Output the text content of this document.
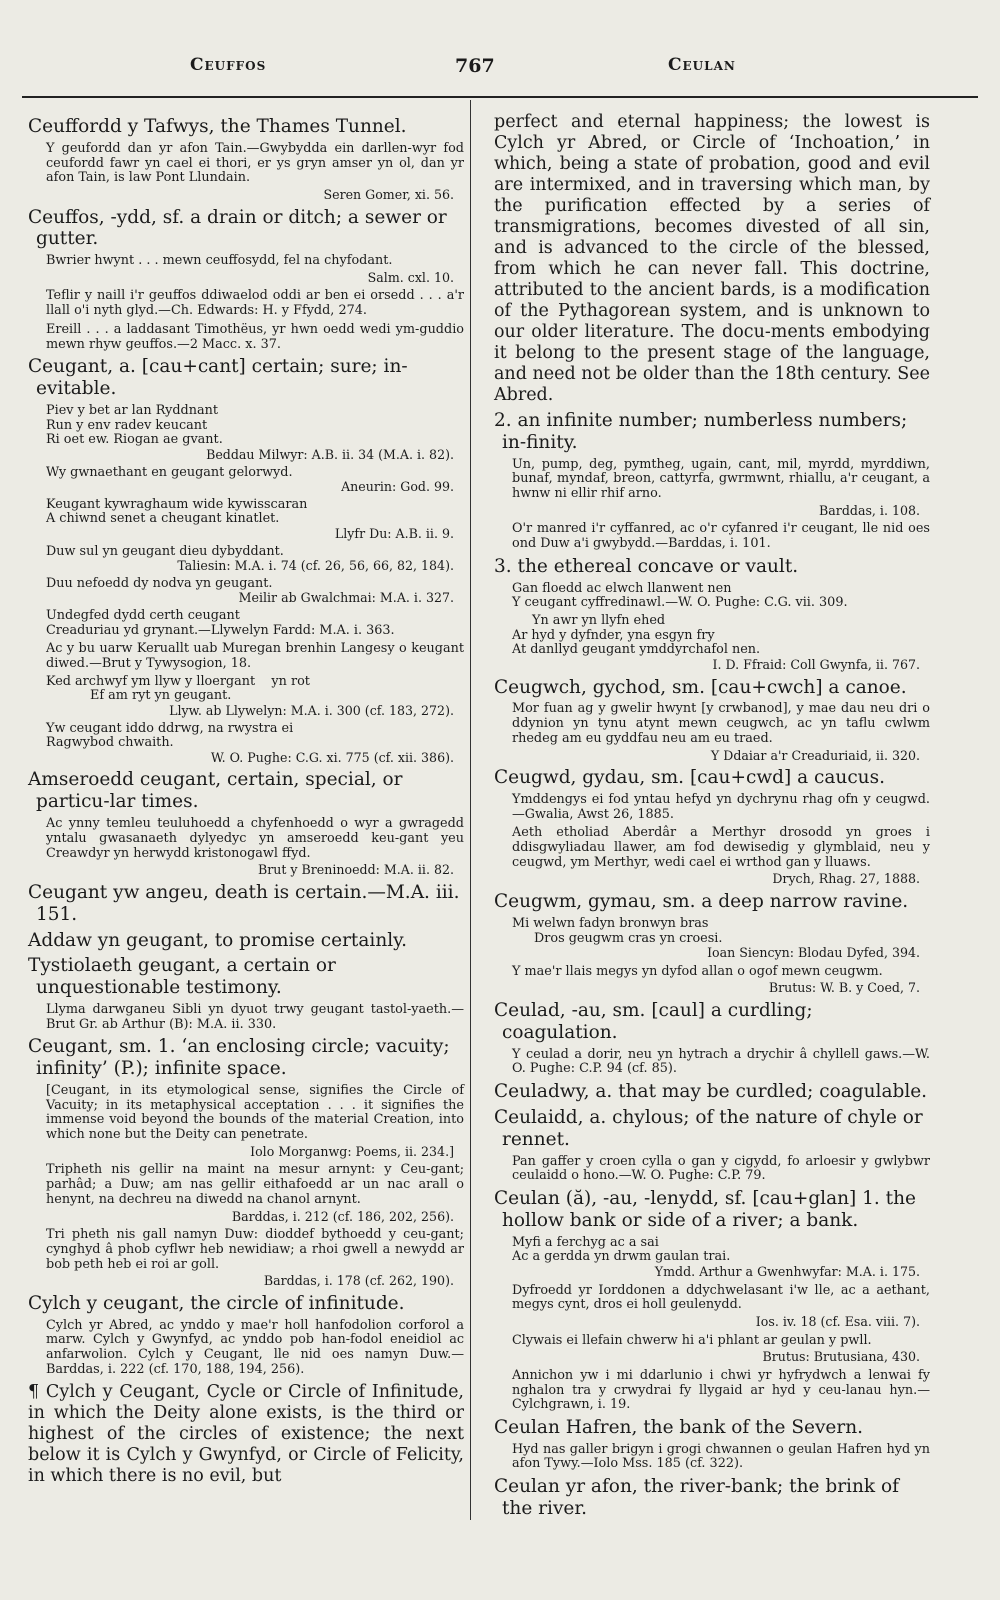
Ceuffos	767	Ceulan
Ceuffordd y Tafwys, the Thames Tunnel.
Y geufordd dan yr afon Tain.—Gwybydda ein darllen-wyr fod ceufordd fawr yn cael ei thori, er ys gryn amser yn ol, dan yr afon Tain, is law Pont Llundain.
Seren Gomer, xi. 56.
Ceuffos, -ydd, sf. a drain or ditch; a sewer or gutter.
Bwrier hwynt . . . mewn ceuffosydd, fel na chyfodant.
Salm. cxl. 10.
Teflir y naill i'r geuffos ddiwaelod oddi ar ben ei orsedd . . . a'r llall o'i nyth glyd.—Ch. Edwards: H. y Ffydd, 274.
Ereill . . . a laddasant Timothëus, yr hwn oedd wedi ym-guddio mewn rhyw geuffos.—2 Macc. x. 37.
Ceugant, a. [cau+cant] certain; sure; in-evitable.
Piev y bet ar lan Ryddnant
Run y env radev keucant
Ri oet ew. Riogan ae gvant.
Beddau Milwyr: A.B. ii. 34 (M.A. i. 82).
Wy gwnaethant en geugant gelorwyd.
Aneurin: God. 99.
Keugant kywraghaum wide kywisscaran
A chiwnd senet a cheugant kinatlet.
Llyfr Du: A.B. ii. 9.
Duw sul yn geugant dieu dybyddant.
Taliesin: M.A. i. 74 (cf. 26, 56, 66, 82, 184).
Duu nefoedd dy nodva yn geugant.
Meilir ab Gwalchmai: M.A. i. 327.
Undegfed dydd certh ceugant
Creaduriau yd grynant.—Llywelyn Fardd: M.A. i. 363.
Ac y bu uarw Keruallt uab Muregan brenhin Langesy o keugant diwed.—Brut y Tywysogion, 18.
Ked archwyf ym llyw y lloergant    yn rot
Ef am ryt yn geugant.
Llyw. ab Llywelyn: M.A. i. 300 (cf. 183, 272).
Yw ceugant iddo ddrwg, na rwystra ei
Ragwybod chwaith.
W. O. Pughe: C.G. xi. 775 (cf. xii. 386).
Amseroedd ceugant, certain, special, or particu-lar times.
Ac ynny temleu teuluhoedd a chyfenhoedd o wyr a gwragedd yntalu gwasanaeth dylyedyc yn amseroedd keu-gant yeu Creawdyr yn herwydd kristonogawl ffyd.
Brut y Breninoedd: M.A. ii. 82.
Ceugant yw angeu, death is certain.—M.A. iii. 151.
Addaw yn geugant, to promise certainly.
Tystiolaeth geugant, a certain or unquestionable testimony.
Llyma darwganeu Sibli yn dyuot trwy geugant tastol-yaeth.—Brut Gr. ab Arthur (B): M.A. ii. 330.
Ceugant, sm. 1. ‘an enclosing circle; vacuity; infinity’ (P.); infinite space.
[Ceugant, in its etymological sense, signifies the Circle of Vacuity; in its metaphysical acceptation . . . it signifies the immense void beyond the bounds of the material Creation, into which none but the Deity can penetrate.
Iolo Morganwg: Poems, ii. 234.]
Tripheth nis gellir na maint na mesur arnynt: y Ceu-gant; parhâd; a Duw; am nas gellir eithafoedd ar un nac arall o henynt, na dechreu na diwedd na chanol arnynt.
Barddas, i. 212 (cf. 186, 202, 256).
Tri pheth nis gall namyn Duw: dioddef bythoedd y ceu-gant; cynghyd â phob cyflwr heb newidiaw; a rhoi gwell a newydd ar bob peth heb ei roi ar goll.
Barddas, i. 178 (cf. 262, 190).
Cylch y ceugant, the circle of infinitude.
Cylch yr Abred, ac ynddo y mae'r holl hanfodolion corforol a marw. Cylch y Gwynfyd, ac ynddo pob han-fodol eneidiol ac anfarwolion. Cylch y Ceugant, lle nid oes namyn Duw.—Barddas, i. 222 (cf. 170, 188, 194, 256).
¶ Cylch y Ceugant, Cycle or Circle of Infinitude, in which the Deity alone exists, is the third or highest of the circles of existence; the next below it is Cylch y Gwynfyd, or Circle of Felicity, in which there is no evil, but
perfect and eternal happiness; the lowest is Cylch yr Abred, or Circle of ‘Inchoation,’ in which, being a state of probation, good and evil are intermixed, and in traversing which man, by the purification effected by a series of transmigrations, becomes divested of all sin, and is advanced to the circle of the blessed, from which he can never fall. This doctrine, attributed to the ancient bards, is a modification of the Pythagorean system, and is unknown to our older literature. The docu-ments embodying it belong to the present stage of the language, and need not be older than the 18th century. See Abred.
2. an infinite number; numberless numbers; in-finity.
Un, pump, deg, pymtheg, ugain, cant, mil, myrdd, myrddiwn, bunaf, myndaf, breon, cattyrfa, gwrmwnt, rhiallu, a'r ceugant, a hwnw ni ellir rhif arno.
Barddas, i. 108.
O'r manred i'r cyffanred, ac o'r cyfanred i'r ceugant, lle nid oes ond Duw a'i gwybydd.—Barddas, i. 101.
3. the ethereal concave or vault.
Gan floedd ac elwch llanwent nen
Y ceugant cyffredinawl.—W. O. Pughe: C.G. vii. 309.
Yn awr yn llyfn ehed
Ar hyd y dyfnder, yna esgyn fry
At danllyd geugant ymddyrchafol nen.
I. D. Ffraid: Coll Gwynfa, ii. 767.
Ceugwch, gychod, sm. [cau+cwch] a canoe.
Mor fuan ag y gwelir hwynt [y crwbanod], y mae dau neu dri o ddynion yn tynu atynt mewn ceugwch, ac yn taflu cwlwm rhedeg am eu gyddfau neu am eu traed.
Y Ddaiar a'r Creaduriaid, ii. 320.
Ceugwd, gydau, sm. [cau+cwd] a caucus.
Ymddengys ei fod yntau hefyd yn dychrynu rhag ofn y ceugwd.—Gwalia, Awst 26, 1885.
Aeth etholiad Aberdâr a Merthyr drosodd yn groes i ddisgwyliadau llawer, am fod dewisedig y glymblaid, neu y ceugwd, ym Merthyr, wedi cael ei wrthod gan y lluaws.
Drych, Rhag. 27, 1888.
Ceugwm, gymau, sm. a deep narrow ravine.
Mi welwn fadyn bronwyn bras
Dros geugwm cras yn croesi.
Ioan Siencyn: Blodau Dyfed, 394.
Y mae'r llais megys yn dyfod allan o ogof mewn ceugwm.
Brutus: W. B. y Coed, 7.
Ceulad, -au, sm. [caul] a curdling; coagulation.
Y ceulad a dorir, neu yn hytrach a drychir â chyllell gaws.—W. O. Pughe: C.P. 94 (cf. 85).
Ceuladwy, a. that may be curdled; coagulable.
Ceulaidd, a. chylous; of the nature of chyle or rennet.
Pan gaffer y croen cylla o gan y cigydd, fo arloesir y gwlybwr ceulaidd o hono.—W. O. Pughe: C.P. 79.
Ceulan (ă), -au, -lenydd, sf. [cau+glan] 1. the hollow bank or side of a river; a bank.
Myfi a ferchyg ac a sai
Ac a gerdda yn drwm gaulan trai.
Ymdd. Arthur a Gwenhwyfar: M.A. i. 175.
Dyfroedd yr Iorddonen a ddychwelasant i'w lle, ac a aethant, megys cynt, dros ei holl geulenydd.
Ios. iv. 18 (cf. Esa. viii. 7).
Clywais ei llefain chwerw hi a'i phlant ar geulan y pwll.
Brutus: Brutusiana, 430.
Annichon yw i mi ddarlunio i chwi yr hyfrydwch a lenwai fy nghalon tra y crwydrai fy llygaid ar hyd y ceu-lanau hyn.—Cylchgrawn, i. 19.
Ceulan Hafren, the bank of the Severn.
Hyd nas galler brigyn i grogi chwannen o geulan Hafren hyd yn afon Tywy.—Iolo Mss. 185 (cf. 322).
Ceulan yr afon, the river-bank; the brink of the river.
